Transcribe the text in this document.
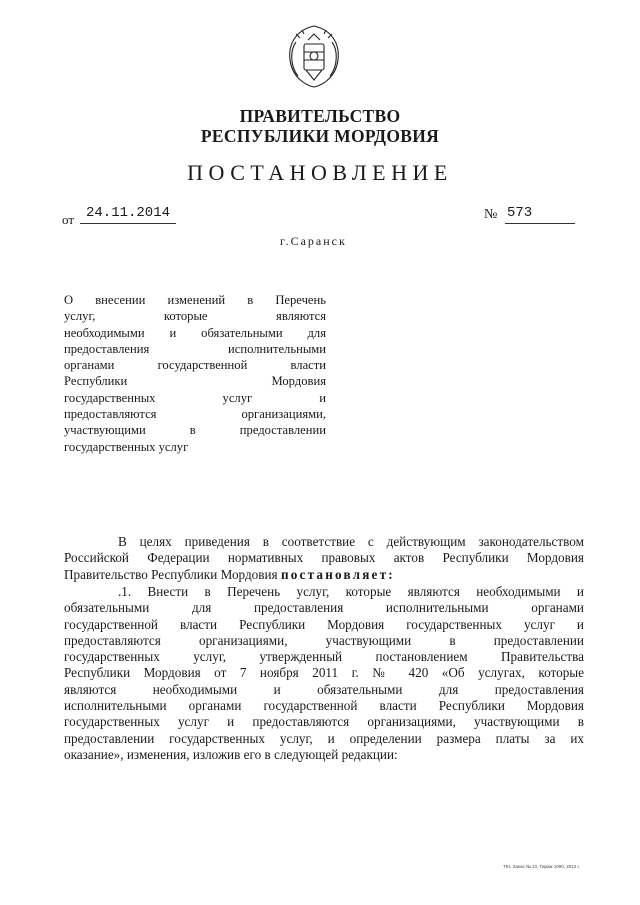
ПРАВИТЕЛЬСТВО
РЕСПУБЛИКИ МОРДОВИЯ
ПОСТАНОВЛЕНИЕ
от 24.11.2014	№ 573
г.Саранск
О внесении изменений в Перечень
услуг, которые являются
необходимыми и обязательными для
предоставления исполнительными
органами государственной власти
Республики Мордовия
государственных услуг и
предоставляются организациями,
участвующими в предоставлении
государственных услуг
В целях приведения в соответствие с действующим законодательством
Российской Федерации нормативных правовых актов Республики Мордовия
Правительство Республики Мордовия постановляет:
.1. Внести в Перечень услуг, которые являются необходимыми и
обязательными для предоставления исполнительными органами
государственной власти Республики Мордовия государственных услуг и
предоставляются организациями, участвующими в предоставлении
государственных услуг, утвержденный постановлением Правительства
Республики Мордовия от 7 ноября 2011 г. № 420 «Об услугах, которые
являются необходимыми и обязательными для предоставления
исполнительными органами государственной власти Республики Мордовия
государственных услуг и предоставляются организациями, участвующими в
предоставлении государственных услуг, и определении размера платы за их
оказание», изменения, изложив его в следующей редакции:
ТЮ, Заказ № 13, Тираж 1000, 2012 г.
